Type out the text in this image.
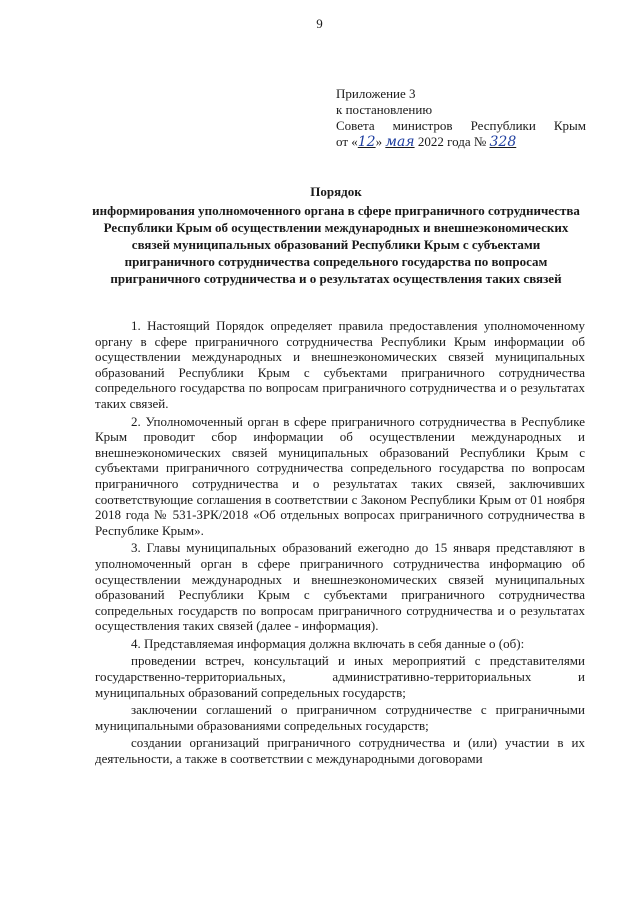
9
Приложение 3
к постановлению
Совета министров Республики Крым
от «12» мая 2022 года № 328
Порядок
информирования уполномоченного органа в сфере приграничного сотрудничества Республики Крым об осуществлении международных и внешнеэкономических связей муниципальных образований Республики Крым с субъектами приграничного сотрудничества сопредельного государства по вопросам приграничного сотрудничества и о результатах осуществления таких связей

1. Настоящий Порядок определяет правила предоставления уполномоченному органу в сфере приграничного сотрудничества Республики Крым информации об осуществлении международных и внешнеэкономических связей муниципальных образований Республики Крым с субъектами приграничного сотрудничества сопредельного государства по вопросам приграничного сотрудничества и о результатах таких связей.

2. Уполномоченный орган в сфере приграничного сотрудничества в Республике Крым проводит сбор информации об осуществлении международных и внешнеэкономических связей муниципальных образований Республики Крым с субъектами приграничного сотрудничества сопредельного государства по вопросам приграничного сотрудничества и о результатах таких связей, заключивших соответствующие соглашения в соответствии с Законом Республики Крым от 01 ноября 2018 года № 531-ЗРК/2018 «Об отдельных вопросах приграничного сотрудничества в Республике Крым».

3. Главы муниципальных образований ежегодно до 15 января представляют в уполномоченный орган в сфере приграничного сотрудничества информацию об осуществлении международных и внешнеэкономических связей муниципальных образований Республики Крым с субъектами приграничного сотрудничества сопредельных государств по вопросам приграничного сотрудничества и о результатах осуществления таких связей (далее - информация).

4. Представляемая информация должна включать в себя данные о (об):

проведении встреч, консультаций и иных мероприятий с представителями государственно-территориальных, административно-территориальных и муниципальных образований сопредельных государств;

заключении соглашений о приграничном сотрудничестве с приграничными муниципальными образованиями сопредельных государств;

создании организаций приграничного сотрудничества и (или) участии в их деятельности, а также в соответствии с международными договорами
